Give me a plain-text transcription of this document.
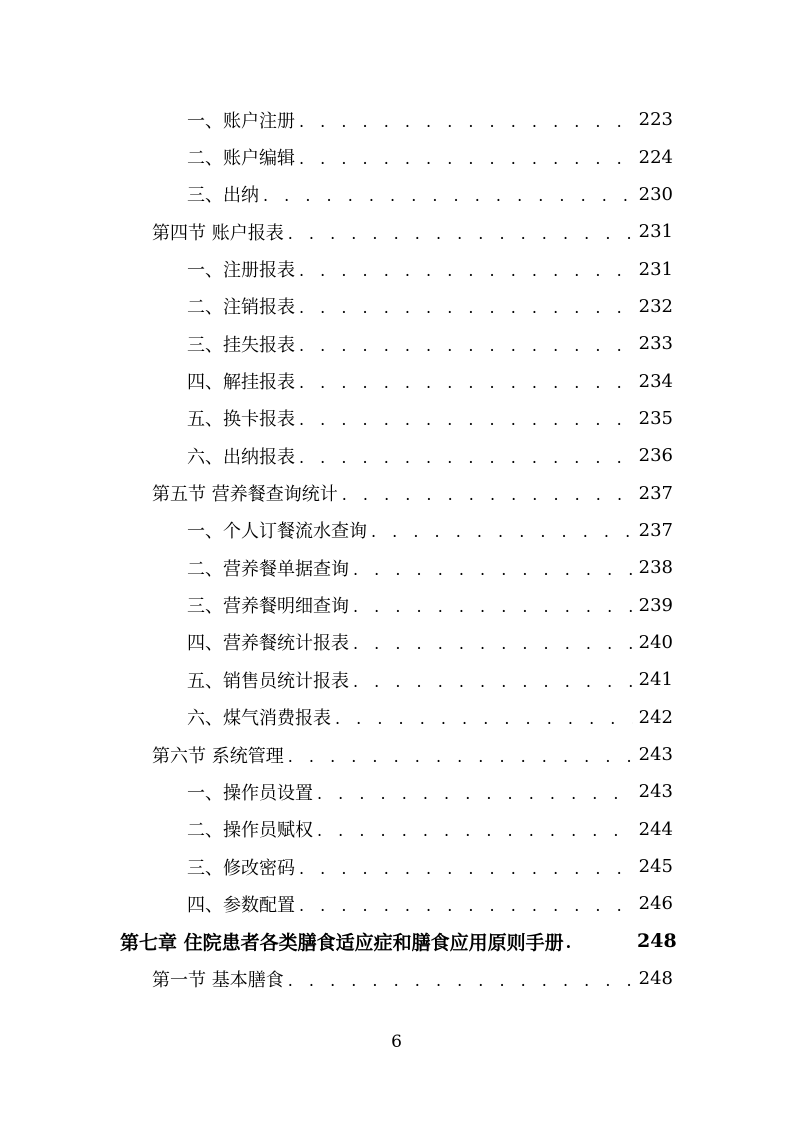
一、账户注册 . . .	223
二、账户编辑 . . .	224
三、出纳 . . .	230
第四节 账户报表 . . .	231
一、注册报表 . . .	231
二、注销报表 . . .	232
三、挂失报表 . . .	233
四、解挂报表 . . .	234
五、换卡报表 . . .	235
六、出纳报表 . . .	236
第五节 营养餐查询统计 . . .	237
一、个人订餐流水查询 . . .	237
二、营养餐单据查询 . . .	238
三、营养餐明细查询 . . .	239
四、营养餐统计报表 . . .	240
五、销售员统计报表 . . .	241
六、煤气消费报表 . . .	242
第六节 系统管理 . . .	243
一、操作员设置 . . .	243
二、操作员赋权 . . .	244
三、修改密码 . . .	245
四、参数配置 . . .	246
第七章 住院患者各类膳食适应症和膳食应用原则手册 .	248
第一节 基本膳食 . . .	248
6
